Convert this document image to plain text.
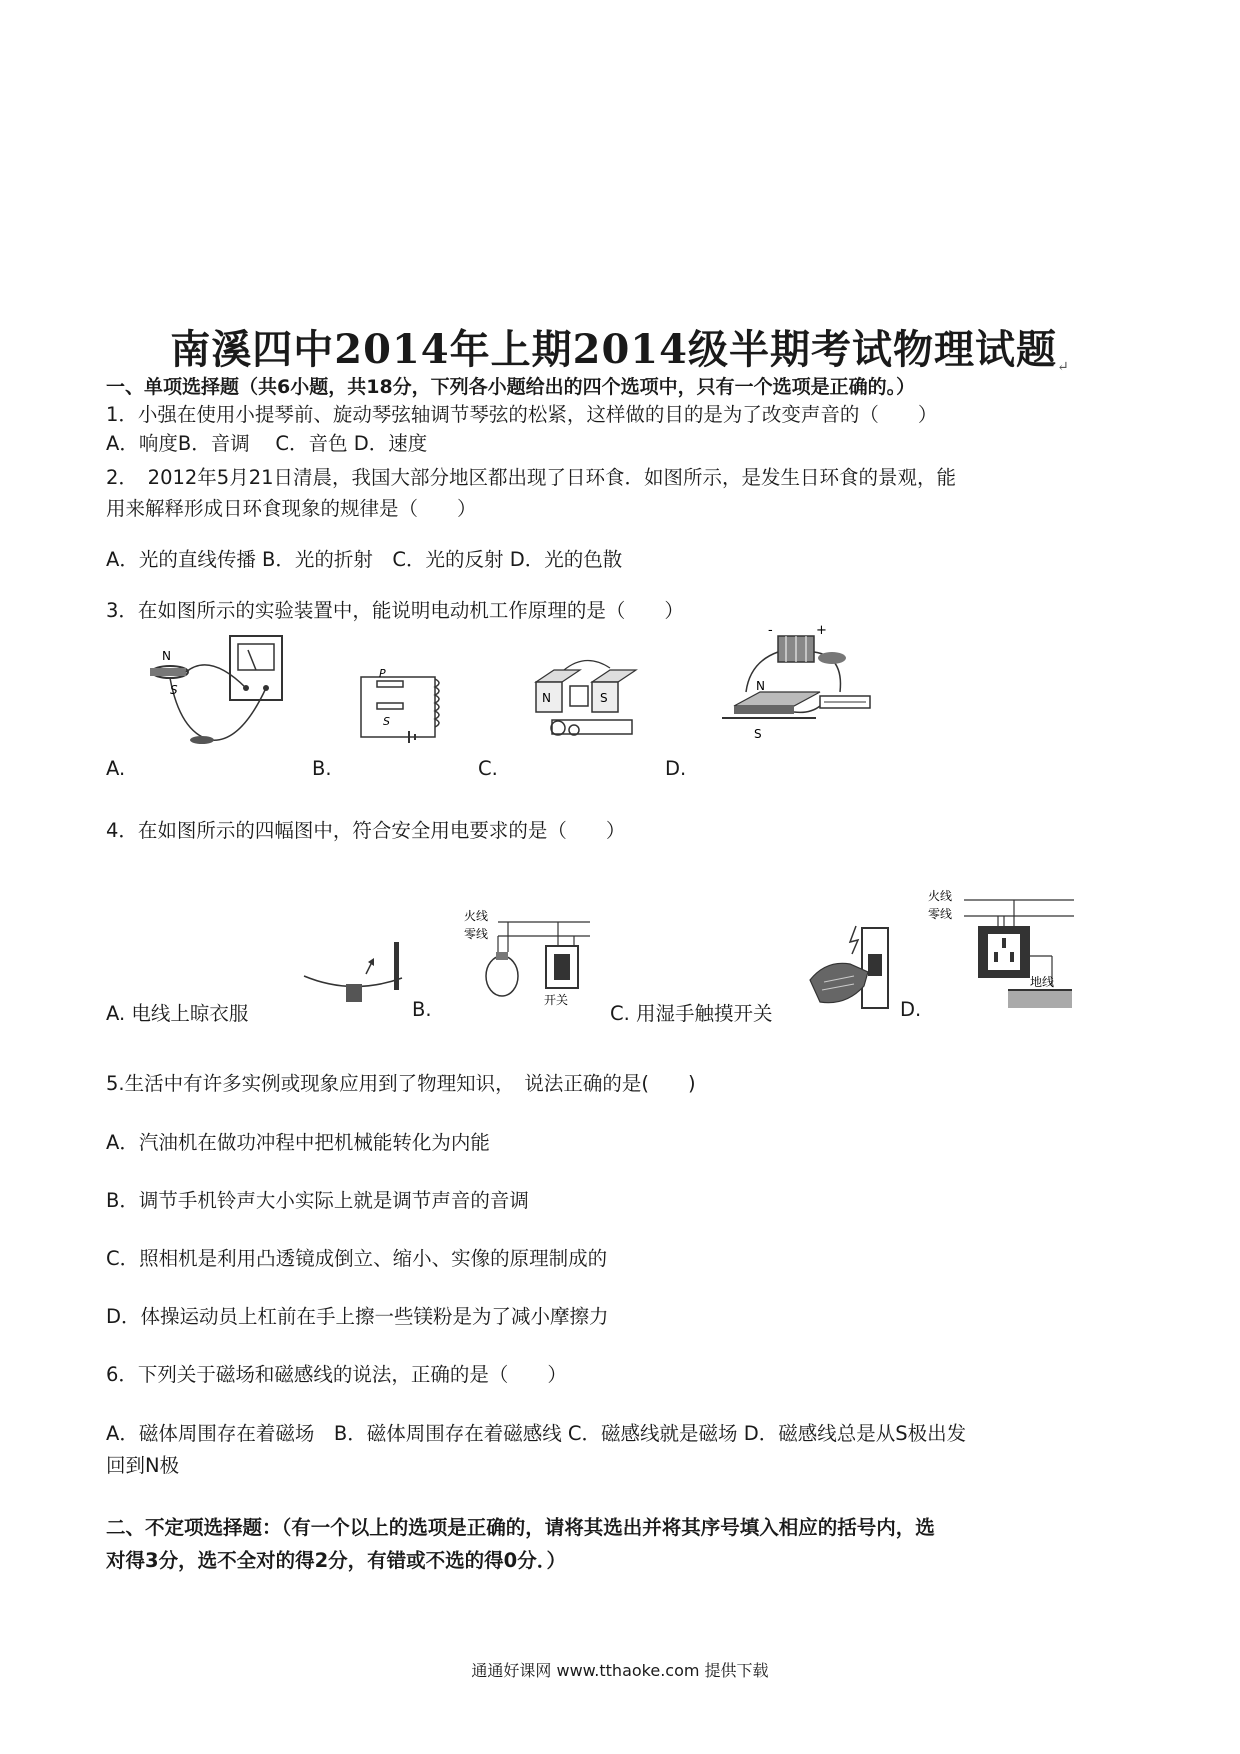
南溪四中2014年上期2014级半期考试物理试题↵
一、单项选择题（共6小题，共18分，下列各小题给出的四个选项中，只有一个选项是正确的。）
1．小强在使用小提琴前、旋动琴弦轴调节琴弦的松紧，这样做的目的是为了改变声音的（　　）
A．响度B．音调　 C．音色 D．速度
2．　2012年5月21日清晨，我国大部分地区都出现了日环食．如图所示，是发生日环食的景观，能
用来解释形成日环食现象的规律是（　　）
A．光的直线传播 B．光的折射　C．光的反射 D．光的色散
3．在如图所示的实验装置中，能说明电动机工作原理的是（　　）
N
S
P
S
N	S
-	+
N
S
A.	B.	C.	D.
4．在如图所示的四幅图中，符合安全用电要求的是（　　）
火线
零线
开关
火线
零线
地线
A. 电线上晾衣服	B.	C. 用湿手触摸开关	D.
5.生活中有许多实例或现象应用到了物理知识，　说法正确的是(　　)
A．汽油机在做功冲程中把机械能转化为内能
B．调节手机铃声大小实际上就是调节声音的音调
C．照相机是利用凸透镜成倒立、缩小、实像的原理制成的
D．体操运动员上杠前在手上擦一些镁粉是为了减小摩擦力
6．下列关于磁场和磁感线的说法，正确的是（　　）
A．磁体周围存在着磁场　B．磁体周围存在着磁感线 C．磁感线就是磁场 D．磁感线总是从S极出发
回到N极
二、不定项选择题：（有一个以上的选项是正确的，请将其选出并将其序号填入相应的括号内，选
对得3分，选不全对的得2分，有错或不选的得0分．）
通通好课网 www.tthaoke.com 提供下载
